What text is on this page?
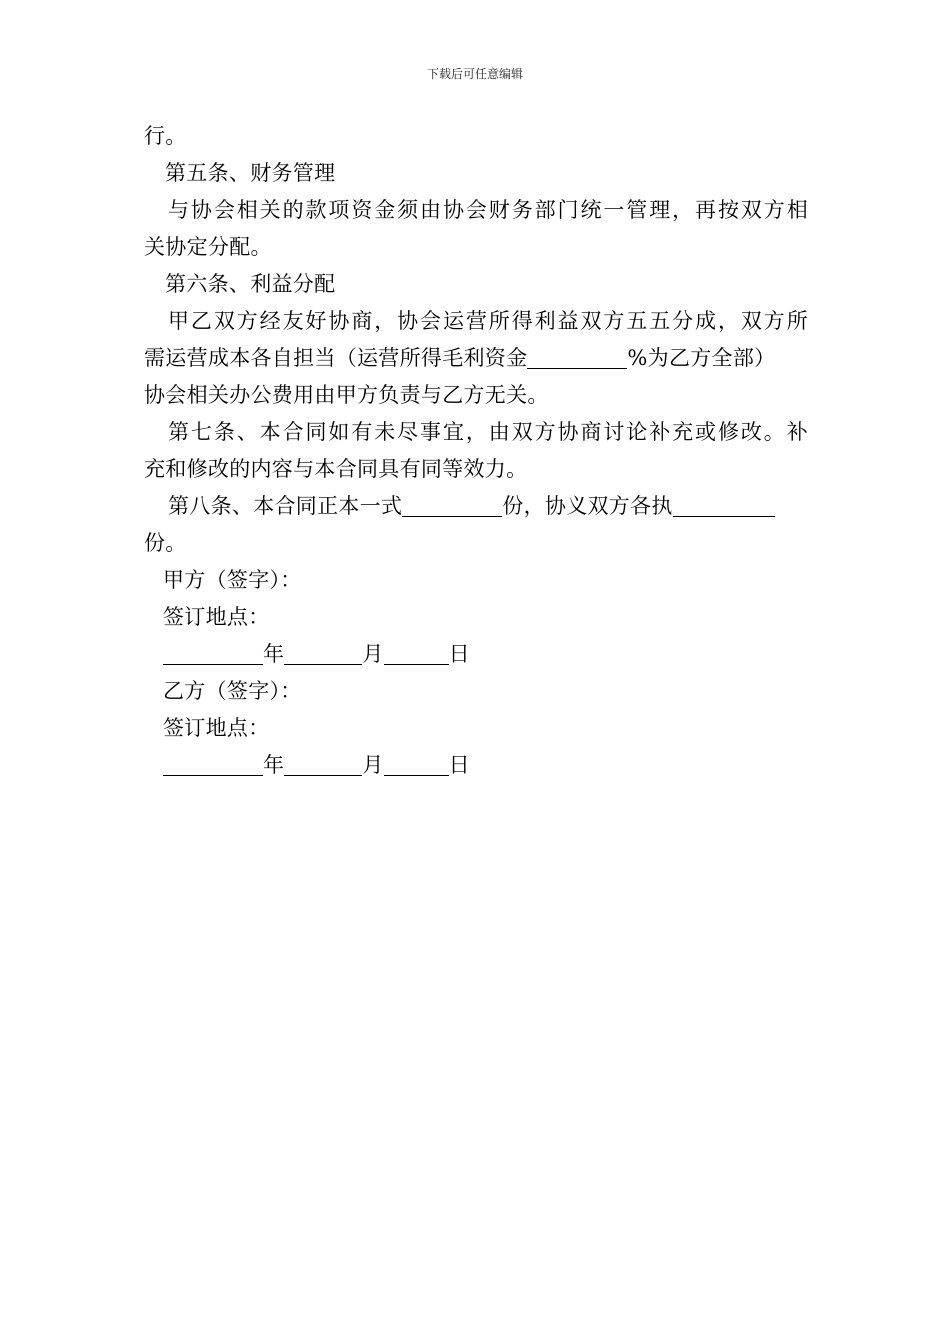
下载后可任意编辑
行。
第五条、财务管理
与协会相关的款项资金须由协会财务部门统一管理，再按双方相
关协定分配。
第六条、利益分配
甲乙双方经友好协商，协会运营所得利益双方五五分成，双方所
需运营成本各自担当（运营所得毛利资金	%为乙方全部）
协会相关办公费用由甲方负责与乙方无关。
第七条、本合同如有未尽事宜，由双方协商讨论补充或修改。补
充和修改的内容与本合同具有同等效力。
第八条、本合同正本一式	份，协义双方各执
份。
甲方（签字）：
签订地点：
年	月	日
乙方（签字）：
签订地点：
年	月	日
